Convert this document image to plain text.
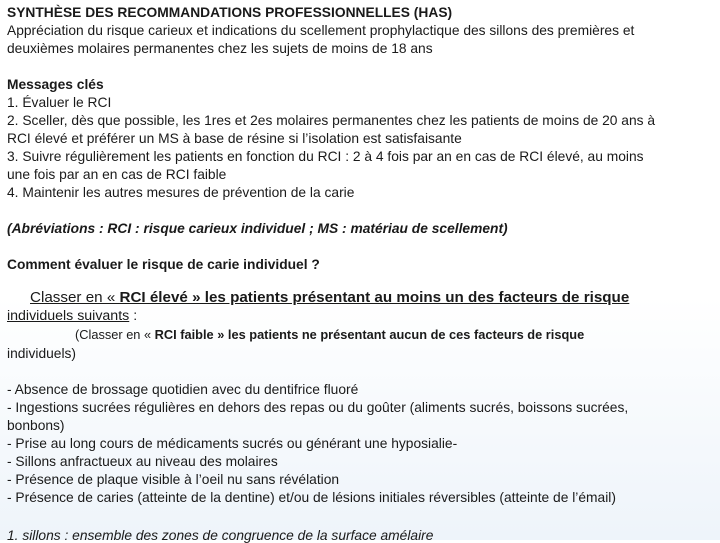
SYNTHÈSE DES RECOMMANDATIONS PROFESSIONNELLES (HAS)
Appréciation du risque carieux et indications du scellement prophylactique des sillons des premières et
deuxièmes molaires permanentes chez les sujets de moins de 18 ans
Messages clés
1. Évaluer le RCI
2. Sceller, dès que possible, les 1res et 2es molaires permanentes chez les patients de moins de 20 ans à
RCI élevé et préférer un MS à base de résine si l’isolation est satisfaisante
3. Suivre régulièrement les patients en fonction du RCI : 2 à 4 fois par an en cas de RCI élevé, au moins
une fois par an en cas de RCI faible
4. Maintenir les autres mesures de prévention de la carie
(Abréviations : RCI : risque carieux individuel ; MS : matériau de scellement)
Comment évaluer le risque de carie individuel ?
Classer en « RCI élevé » les patients présentant au moins un des facteurs de risque
individuels suivants :
(Classer en « RCI faible » les patients ne présentant aucun de ces facteurs de risque
individuels)
- Absence de brossage quotidien avec du dentifrice fluoré
- Ingestions sucrées régulières en dehors des repas ou du goûter (aliments sucrés, boissons sucrées,
bonbons)
- Prise au long cours de médicaments sucrés ou générant une hyposialie-
- Sillons anfractueux au niveau des molaires
- Présence de plaque visible à l’oeil nu sans révélation
- Présence de caries (atteinte de la dentine) et/ou de lésions initiales réversibles (atteinte de l’émail)
1. sillons : ensemble des zones de congruence de la surface amélaire
